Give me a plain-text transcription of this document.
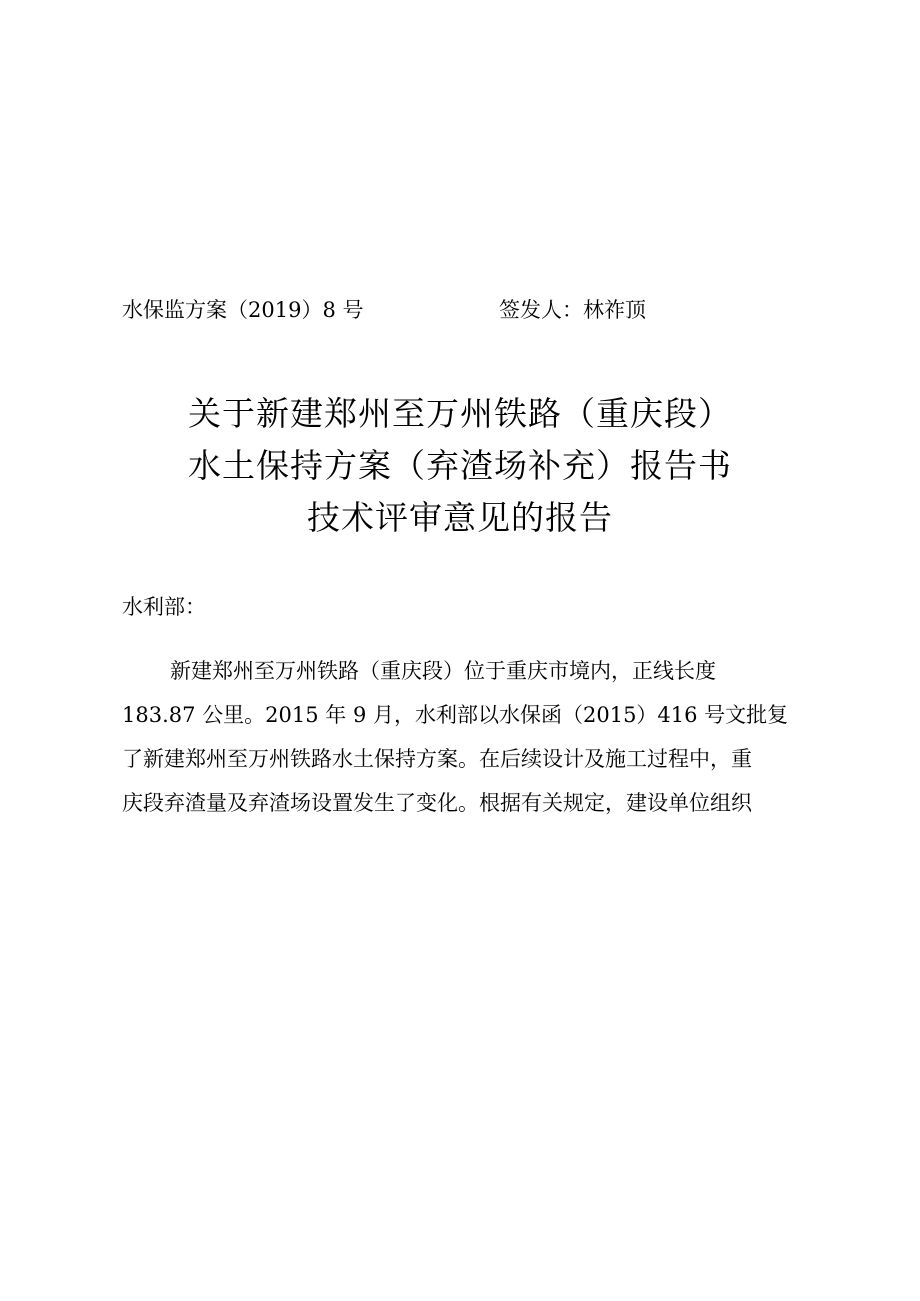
水保监方案（2019）8 号	签发人：林祚顶
关于新建郑州至万州铁路（重庆段）
水土保持方案（弃渣场补充）报告书
技术评审意见的报告
水利部：
新建郑州至万州铁路（重庆段）位于重庆市境内，正线长度
183.87 公里。2015 年 9 月，水利部以水保函（2015）416 号文批复
了新建郑州至万州铁路水土保持方案。在后续设计及施工过程中，重
庆段弃渣量及弃渣场设置发生了变化。根据有关规定，建设单位组织
